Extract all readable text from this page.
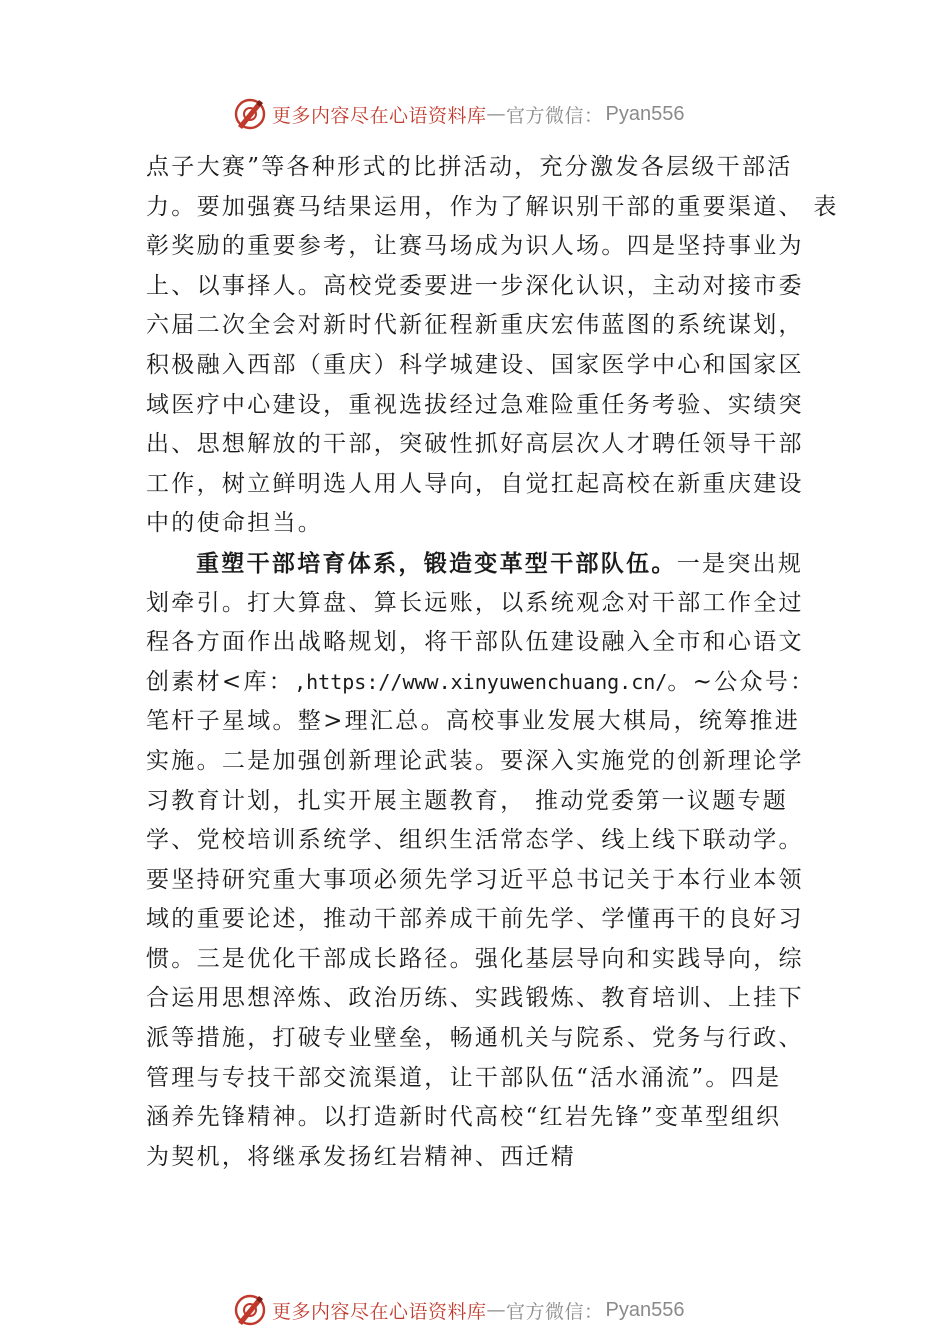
更多内容尽在心语资料库 — 官方微信： Pyan556
点子大赛”等各种形式的比拼活动，充分激发各层级干部活
力。要加强赛马结果运用，作为了解识别干部的重要渠道、 表
彰奖励的重要参考，让赛马场成为识人场。四是坚持事业为
上、以事择人。高校党委要进一步深化认识，主动对接市委
六届二次全会对新时代新征程新重庆宏伟蓝图的系统谋划，
积极融入西部（重庆）科学城建设、国家医学中心和国家区
域医疗中心建设，重视选拔经过急难险重任务考验、实绩突
出、思想解放的干部，突破性抓好高层次人才聘任领导干部
工作，树立鲜明选人用人导向，自觉扛起高校在新重庆建设
中的使命担当。
重塑干部培育体系，锻造变革型干部队伍。一是突出规
划牵引。打大算盘、算长远账，以系统观念对干部工作全过
程各方面作出战略规划，将干部队伍建设融入全市和心语文
创素材<库：,https://www.xinyuwenchuang.cn/。~公众号：
笔杆子星域。整>理汇总。高校事业发展大棋局，统筹推进
实施。二是加强创新理论武装。要深入实施党的创新理论学
习教育计划，扎实开展主题教育， 推动党委第一议题专题
学、党校培训系统学、组织生活常态学、线上线下联动学。
要坚持研究重大事项必须先学习近平总书记关于本行业本领
域的重要论述，推动干部养成干前先学、学懂再干的良好习
惯。三是优化干部成长路径。强化基层导向和实践导向，综
合运用思想淬炼、政治历练、实践锻炼、教育培训、上挂下
派等措施，打破专业壁垒，畅通机关与院系、党务与行政、
管理与专技干部交流渠道，让干部队伍“活水涌流”。四是
涵养先锋精神。以打造新时代高校“红岩先锋”变革型组织
为契机，将继承发扬红岩精神、西迁精
更多内容尽在心语资料库 — 官方微信： Pyan556
